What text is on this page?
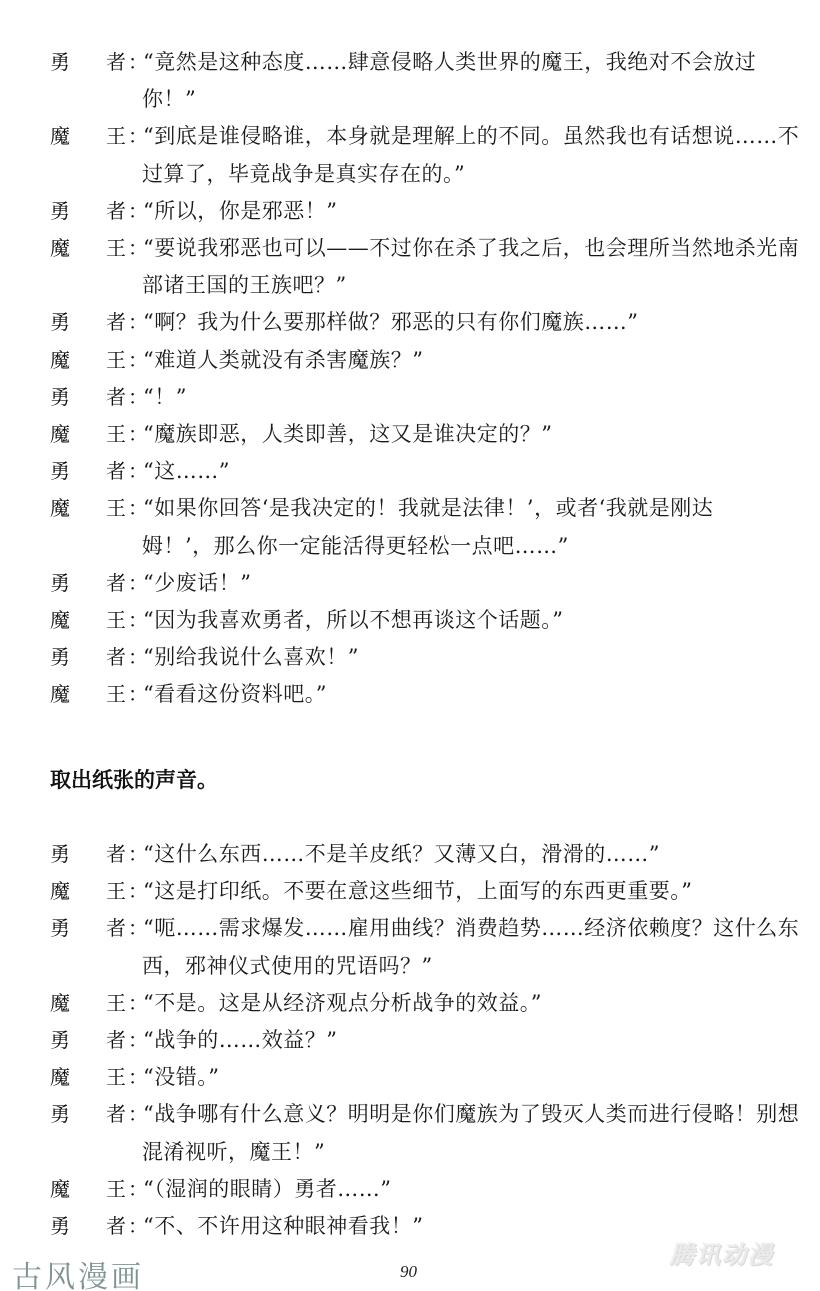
勇 者 ：
“竟然是这种态度……肆意侵略人类世界的魔王，我绝对不会放过
你！”
魔 王 ：
“到底是谁侵略谁，本身就是理解上的不同。虽然我也有话想说……不
过算了，毕竟战争是真实存在的。”
勇 者 ：
“所以，你是邪恶！”
魔 王 ：
“要说我邪恶也可以——不过你在杀了我之后，也会理所当然地杀光南
部诸王国的王族吧？”
勇 者 ：
“啊？我为什么要那样做？邪恶的只有你们魔族……”
魔 王 ：
“难道人类就没有杀害魔族？”
勇 者 ：
“！”
魔 王 ：
“魔族即恶，人类即善，这又是谁决定的？”
勇 者 ：
“这……”
魔 王 ：
“如果你回答‘是我决定的！我就是法律！’，或者‘我就是刚达
姆！’，那么你一定能活得更轻松一点吧……”
勇 者 ：
“少废话！”
魔 王 ：
“因为我喜欢勇者，所以不想再谈这个话题。”
勇 者 ：
“别给我说什么喜欢！”
魔 王 ：
“看看这份资料吧。”
取出纸张的声音。
勇 者 ：
“这什么东西……不是羊皮纸？又薄又白，滑滑的……”
魔 王 ：
“这是打印纸。不要在意这些细节，上面写的东西更重要。”
勇 者 ：
“呃……需求爆发……雇用曲线？消费趋势……经济依赖度？这什么东
西，邪神仪式使用的咒语吗？”
魔 王 ：
“不是。这是从经济观点分析战争的效益。”
勇 者 ：
“战争的……效益？”
魔 王 ：
“没错。”
勇 者 ：
“战争哪有什么意义？明明是你们魔族为了毁灭人类而进行侵略！别想
混淆视听，魔王！”
魔 王 ：
“（湿润的眼睛）勇者……”
勇 者 ：
“不、不许用这种眼神看我！”
古风漫画	90
腾讯动漫
